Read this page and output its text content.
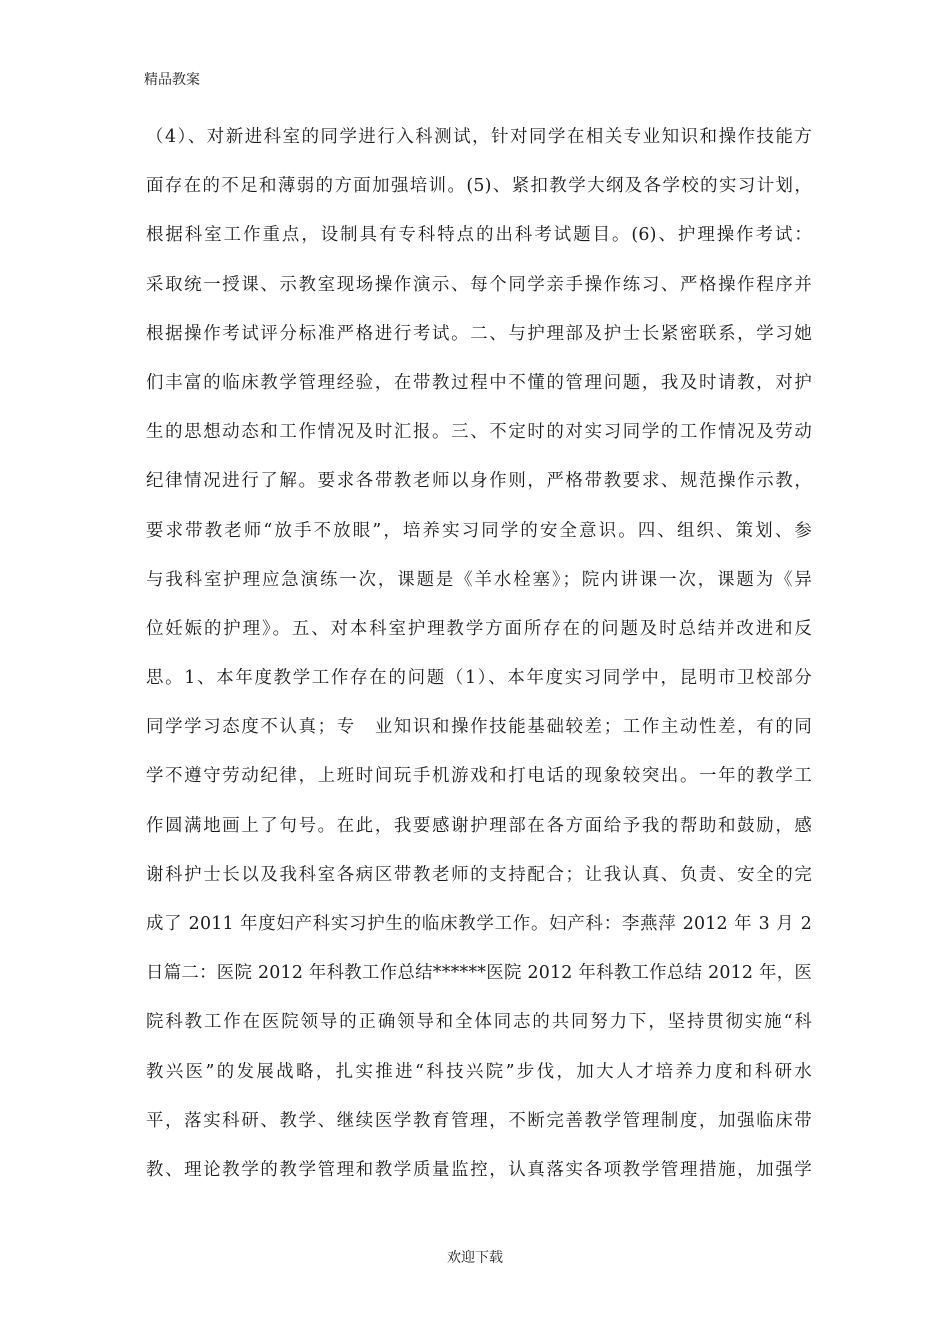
精品教案
（4）、对新进科室的同学进行入科测试，针对同学在相关专业知识和操作技能方
面存在的不足和薄弱的方面加强培训。(5)、紧扣教学大纲及各学校的实习计划，
根据科室工作重点，设制具有专科特点的出科考试题目。(6)、护理操作考试：
采取统一授课、示教室现场操作演示、每个同学亲手操作练习、严格操作程序并
根据操作考试评分标准严格进行考试。二、与护理部及护士长紧密联系，学习她
们丰富的临床教学管理经验，在带教过程中不懂的管理问题，我及时请教，对护
生的思想动态和工作情况及时汇报。三、不定时的对实习同学的工作情况及劳动
纪律情况进行了解。要求各带教老师以身作则，严格带教要求、规范操作示教，
要求带教老师“放手不放眼”，培养实习同学的安全意识。四、组织、策划、参
与我科室护理应急演练一次，课题是《羊水栓塞》；院内讲课一次，课题为《异
位妊娠的护理》。五、对本科室护理教学方面所存在的问题及时总结并改进和反
思。1、本年度教学工作存在的问题（1）、本年度实习同学中，昆明市卫校部分
同学学习态度不认真；专　业知识和操作技能基础较差；工作主动性差，有的同
学不遵守劳动纪律，上班时间玩手机游戏和打电话的现象较突出。一年的教学工
作圆满地画上了句号。在此，我要感谢护理部在各方面给予我的帮助和鼓励，感
谢科护士长以及我科室各病区带教老师的支持配合；让我认真、负责、安全的完
成了 2011 年度妇产科实习护生的临床教学工作。妇产科：李燕萍 2012 年 3 月 2
日篇二：医院 2012 年科教工作总结******医院 2012 年科教工作总结 2012 年，医
院科教工作在医院领导的正确领导和全体同志的共同努力下，坚持贯彻实施“科
教兴医”的发展战略，扎实推进“科技兴院”步伐，加大人才培养力度和科研水
平，落实科研、教学、继续医学教育管理，不断完善教学管理制度，加强临床带
教、理论教学的教学管理和教学质量监控，认真落实各项教学管理措施，加强学
欢迎下载
